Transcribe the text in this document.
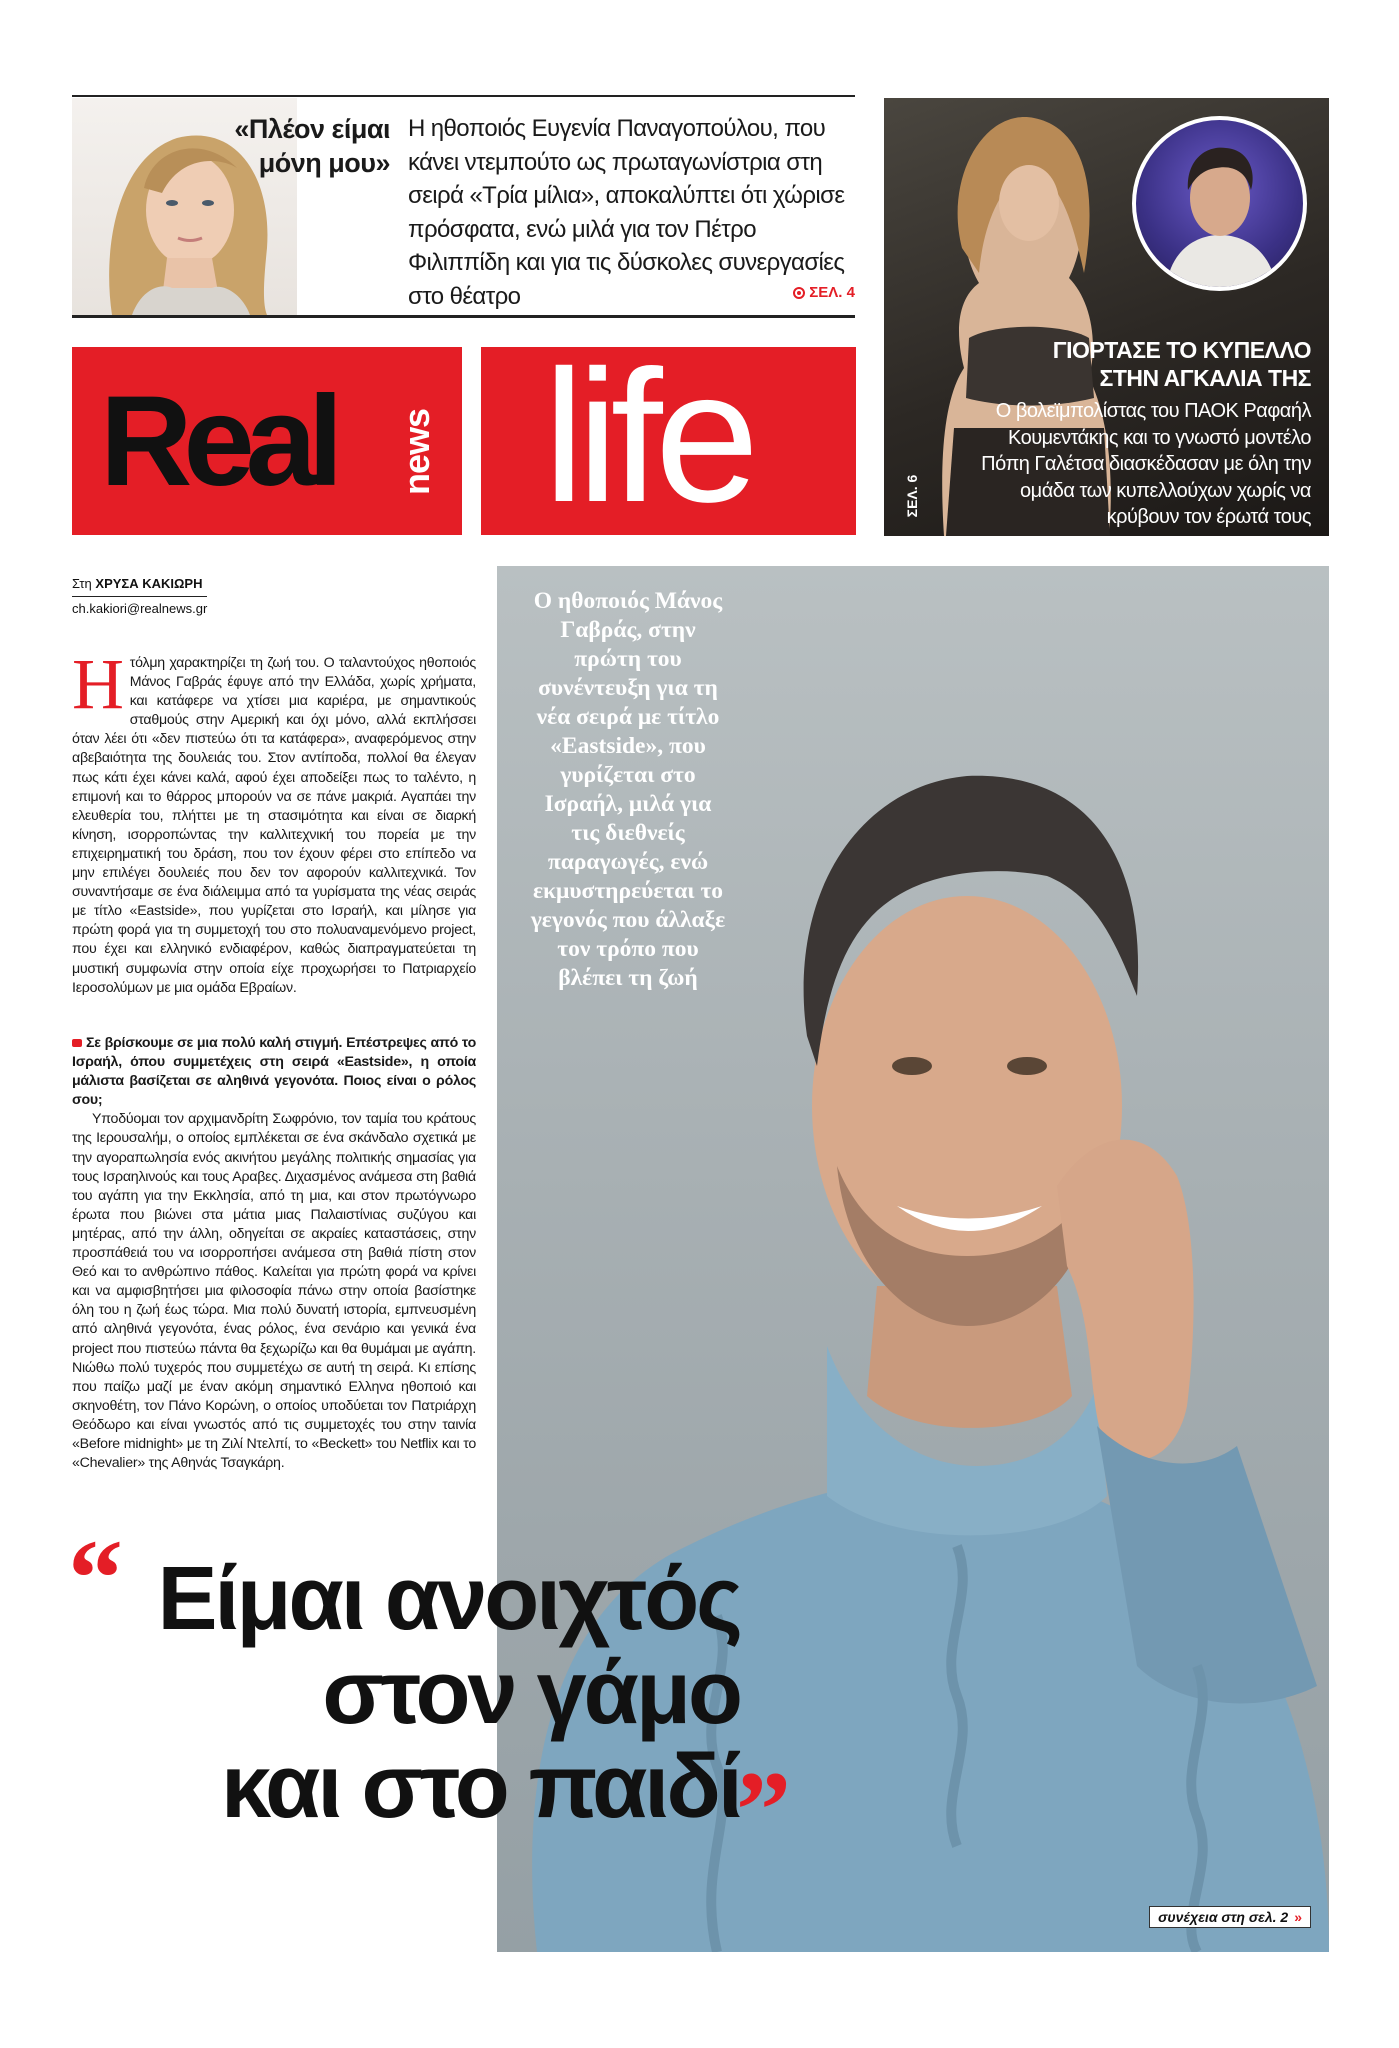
«Πλέον είμαι μόνη μου»
Η ηθοποιός Ευγενία Παναγοπούλου, που κάνει ντεμπούτο ως πρωταγωνίστρια στη σειρά «Τρία μίλια», αποκαλύπτει ότι χώρισε πρόσφατα, ενώ μιλά για τον Πέτρο Φιλιππίδη και για τις δύσκολες συνεργασίες στο θέατρο	ΣΕΛ. 4
Real news life	ΓΙΟΡΤΑΣΕ ΤΟ ΚΥΠΕΛΛΟ
ΣΤΗΝ ΑΓΚΑΛΙΑ ΤΗΣ
Ο βολεϊμπολίστας του ΠΑΟΚ Ραφαήλ Κουμεντάκης και το γνωστό μοντέλο Πόπη Γαλέτσα διασκέδασαν με όλη την ομάδα των κυπελλούχων χωρίς να κρύβουν τον έρωτά τους
ΣΕΛ. 6
Στη ΧΡΥΣΑ ΚΑΚΙΩΡΗ
ch.kakiori@realnews.gr
Η τόλμη χαρακτηρίζει τη ζωή του. Ο ταλαντούχος ηθοποιός Μάνος Γαβράς έφυγε από την Ελλάδα, χωρίς χρήματα, και κατάφερε να χτίσει μια καριέρα, με σημαντικούς σταθμούς στην Αμερική και όχι μόνο, αλλά εκπλήσσει όταν λέει ότι «δεν πιστεύω ότι τα κατάφερα», αναφερόμενος στην αβεβαιότητα της δουλειάς του. Στον αντίποδα, πολλοί θα έλεγαν πως κάτι έχει κάνει καλά, αφού έχει αποδείξει πως το ταλέντο, η επιμονή και το θάρρος μπορούν να σε πάνε μακριά. Αγαπάει την ελευθερία του, πλήττει με τη στασιμότητα και είναι σε διαρκή κίνηση, ισορροπώντας την καλλιτεχνική του πορεία με την επιχειρηματική του δράση, που τον έχουν φέρει στο επίπεδο να μην επιλέγει δουλειές που δεν τον αφορούν καλλιτεχνικά. Τον συναντήσαμε σε ένα διάλειμμα από τα γυρίσματα της νέας σειράς με τίτλο «Eastside», που γυρίζεται στο Ισραήλ, και μίλησε για πρώτη φορά για τη συμμετοχή του στο πολυαναμενόμενο project, που έχει και ελληνικό ενδιαφέρον, καθώς διαπραγματεύεται τη μυστική συμφωνία στην οποία είχε προχωρήσει το Πατριαρχείο Ιεροσολύμων με μια ομάδα Εβραίων.
Σε βρίσκουμε σε μια πολύ καλή στιγμή. Επέστρεψες από το Ισραήλ, όπου συμμετέχεις στη σειρά «Eastside», η οποία μάλιστα βασίζεται σε αληθινά γεγονότα. Ποιος είναι ο ρόλος σου;
Υποδύομαι τον αρχιμανδρίτη Σωφρόνιο, τον ταμία του κράτους της Ιερουσαλήμ, ο οποίος εμπλέκεται σε ένα σκάνδαλο σχετικά με την αγοραπωλησία ενός ακινήτου μεγάλης πολιτικής σημασίας για τους Ισραηλινούς και τους Αραβες. Διχασμένος ανάμεσα στη βαθιά του αγάπη για την Εκκλησία, από τη μια, και στον πρωτόγνωρο έρωτα που βιώνει στα μάτια μιας Παλαιστίνιας συζύγου και μητέρας, από την άλλη, οδηγείται σε ακραίες καταστάσεις, στην προσπάθειά του να ισορροπήσει ανάμεσα στη βαθιά πίστη στον Θεό και το ανθρώπινο πάθος. Καλείται για πρώτη φορά να κρίνει και να αμφισβητήσει μια φιλοσοφία πάνω στην οποία βασίστηκε όλη του η ζωή έως τώρα. Μια πολύ δυνατή ιστορία, εμπνευσμένη από αληθινά γεγονότα, ένας ρόλος, ένα σενάριο και γενικά ένα project που πιστεύω πάντα θα ξεχωρίζω και θα θυμάμαι με αγάπη. Νιώθω πολύ τυχερός που συμμετέχω σε αυτή τη σειρά. Κι επίσης που παίζω μαζί με έναν ακόμη σημαντικό Ελληνα ηθοποιό και σκηνοθέτη, τον Πάνο Κορώνη, ο οποίος υποδύεται τον Πατριάρχη Θεόδωρο και είναι γνωστός από τις συμμετοχές του στην ταινία «Before midnight» με τη Ζιλί Ντελπί, το «Beckett» του Netflix και το «Chevalier» της Αθηνάς Τσαγκάρη.
συνέχεια στη σελ. 2 »
Ο ηθοποιός Μάνος Γαβράς, στην πρώτη του συνέντευξη για τη νέα σειρά με τίτλο «Eastside», που γυρίζεται στο Ισραήλ, μιλά για τις διεθνείς παραγωγές, ενώ εκμυστηρεύεται το γεγονός που άλλαξε τον τρόπο που βλέπει τη ζωή
“ Είμαι ανοιχτός
στον γάμο
και στο παιδί
”
